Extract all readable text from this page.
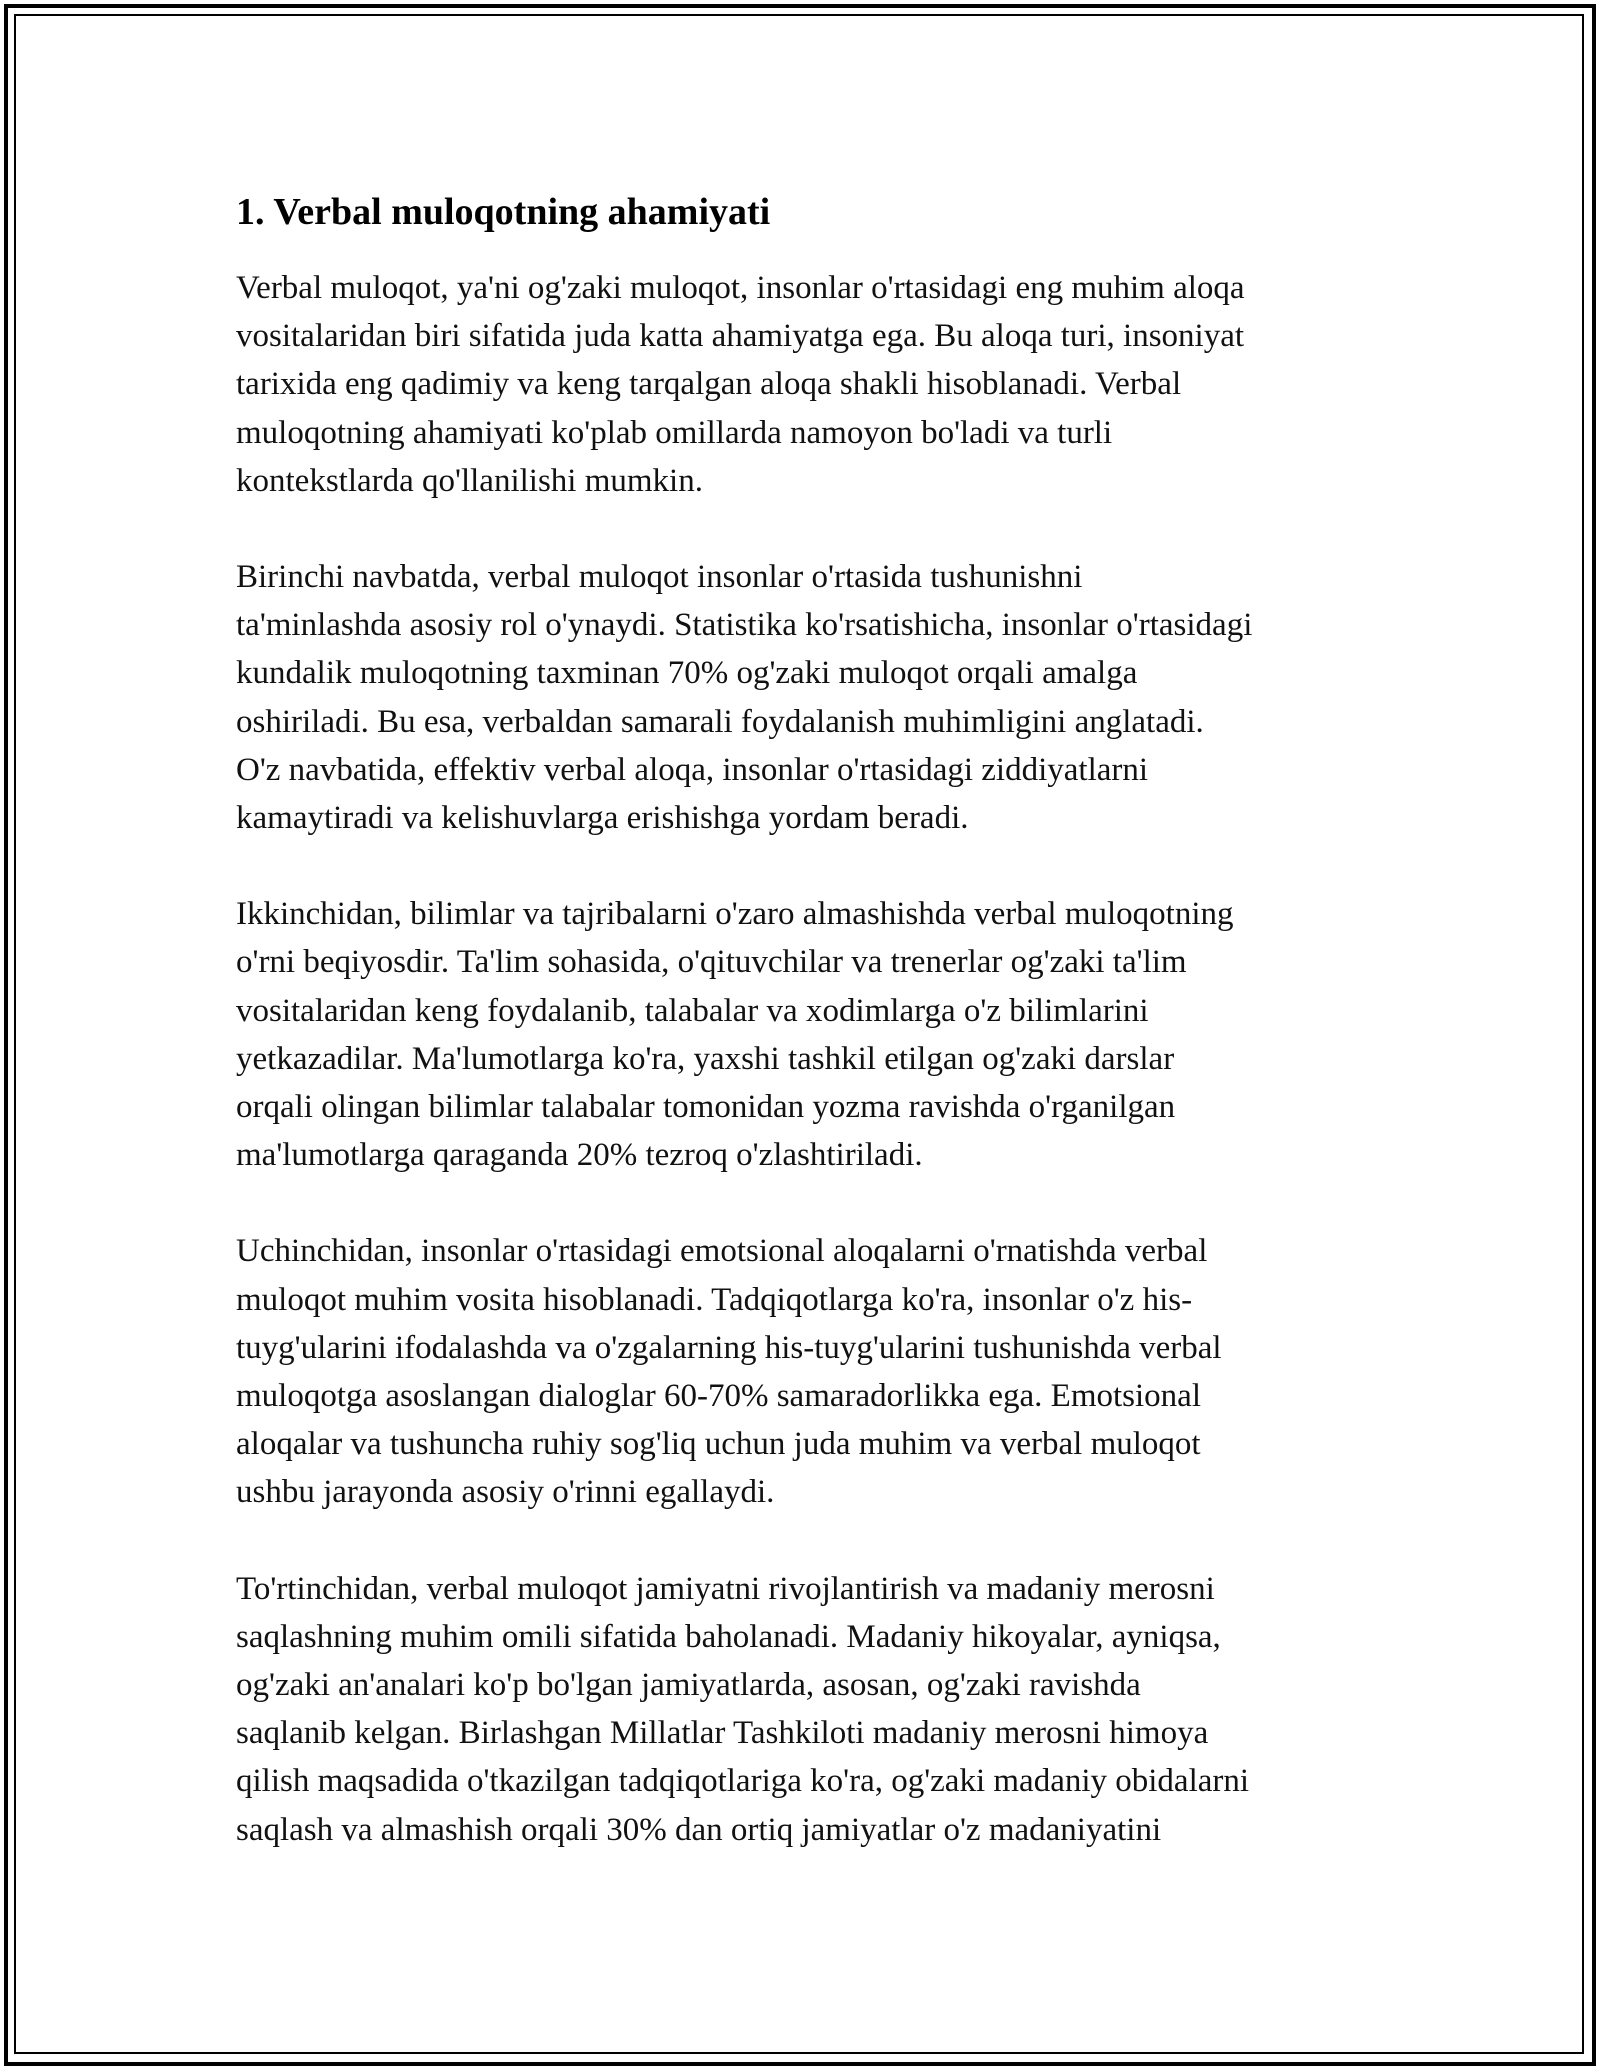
1. Verbal muloqotning ahamiyati

Verbal muloqot, ya'ni og'zaki muloqot, insonlar o'rtasidagi eng muhim aloqa
vositalaridan biri sifatida juda katta ahamiyatga ega. Bu aloqa turi, insoniyat
tarixida eng qadimiy va keng tarqalgan aloqa shakli hisoblanadi. Verbal
muloqotning ahamiyati ko'plab omillarda namoyon bo'ladi va turli
kontekstlarda qo'llanilishi mumkin.

Birinchi navbatda, verbal muloqot insonlar o'rtasida tushunishni
ta'minlashda asosiy rol o'ynaydi. Statistika ko'rsatishicha, insonlar o'rtasidagi
kundalik muloqotning taxminan 70% og'zaki muloqot orqali amalga
oshiriladi. Bu esa, verbaldan samarali foydalanish muhimligini anglatadi.
O'z navbatida, effektiv verbal aloqa, insonlar o'rtasidagi ziddiyatlarni
kamaytiradi va kelishuvlarga erishishga yordam beradi.

Ikkinchidan, bilimlar va tajribalarni o'zaro almashishda verbal muloqotning
o'rni beqiyosdir. Ta'lim sohasida, o'qituvchilar va trenerlar og'zaki ta'lim
vositalaridan keng foydalanib, talabalar va xodimlarga o'z bilimlarini
yetkazadilar. Ma'lumotlarga ko'ra, yaxshi tashkil etilgan og'zaki darslar
orqali olingan bilimlar talabalar tomonidan yozma ravishda o'rganilgan
ma'lumotlarga qaraganda 20% tezroq o'zlashtiriladi.

Uchinchidan, insonlar o'rtasidagi emotsional aloqalarni o'rnatishda verbal
muloqot muhim vosita hisoblanadi. Tadqiqotlarga ko'ra, insonlar o'z his-
tuyg'ularini ifodalashda va o'zgalarning his-tuyg'ularini tushunishda verbal
muloqotga asoslangan dialoglar 60-70% samaradorlikka ega. Emotsional
aloqalar va tushuncha ruhiy sog'liq uchun juda muhim va verbal muloqot
ushbu jarayonda asosiy o'rinni egallaydi.

To'rtinchidan, verbal muloqot jamiyatni rivojlantirish va madaniy merosni
saqlashning muhim omili sifatida baholanadi. Madaniy hikoyalar, ayniqsa,
og'zaki an'analari ko'p bo'lgan jamiyatlarda, asosan, og'zaki ravishda
saqlanib kelgan. Birlashgan Millatlar Tashkiloti madaniy merosni himoya
qilish maqsadida o'tkazilgan tadqiqotlariga ko'ra, og'zaki madaniy obidalarni
saqlash va almashish orqali 30% dan ortiq jamiyatlar o'z madaniyatini
